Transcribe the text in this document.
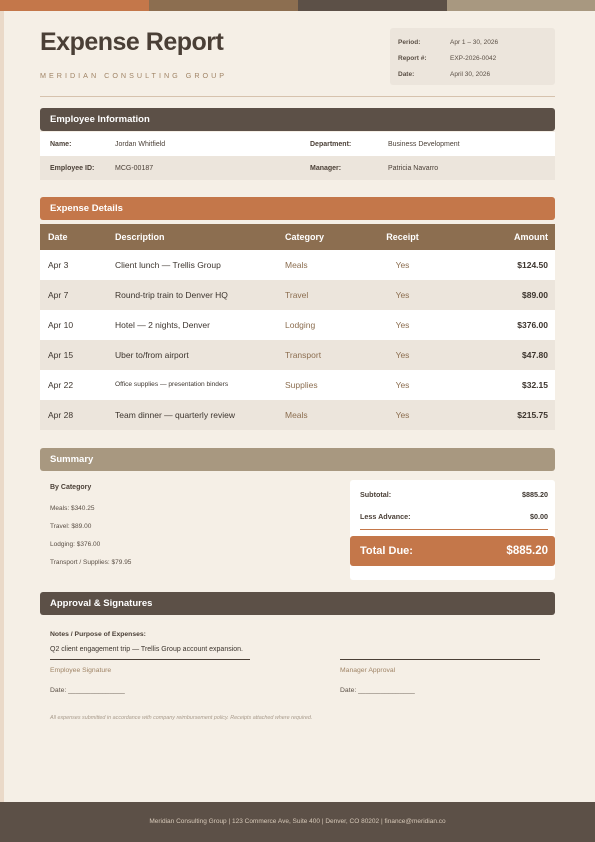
Expense Report
MERIDIAN CONSULTING GROUP
Period:	Apr 1 – 30, 2026
Report #:	EXP-2026-0042
Date:	April 30, 2026
Employee Information
Name:	Jordan Whitfield	Department:	Business Development
Employee ID:	MCG-00187	Manager:	Patricia Navarro
Expense Details
Date	Description	Category	Receipt	Amount
Apr 3	Client lunch — Trellis Group	Meals	Yes	$124.50
Apr 7	Round-trip train to Denver HQ	Travel	Yes	$89.00
Apr 10	Hotel — 2 nights, Denver	Lodging	Yes	$376.00
Apr 15	Uber to/from airport	Transport	Yes	$47.80
Apr 22	Office supplies — presentation binders	Supplies	Yes	$32.15
Apr 28	Team dinner — quarterly review	Meals	Yes	$215.75
Summary
By Category
Meals: $340.25
Travel: $89.00
Lodging: $376.00
Transport / Supplies: $79.95
Subtotal:	$885.20
Less Advance:	$0.00
Total Due:	$885.20
Approval & Signatures
Notes / Purpose of Expenses:
Q2 client engagement trip — Trellis Group account expansion.
Employee Signature	Manager Approval
Date: _______________	Date: _______________
All expenses submitted in accordance with company reimbursement policy. Receipts attached where required.
Meridian Consulting Group | 123 Commerce Ave, Suite 400 | Denver, CO 80202 | finance@meridian.co
